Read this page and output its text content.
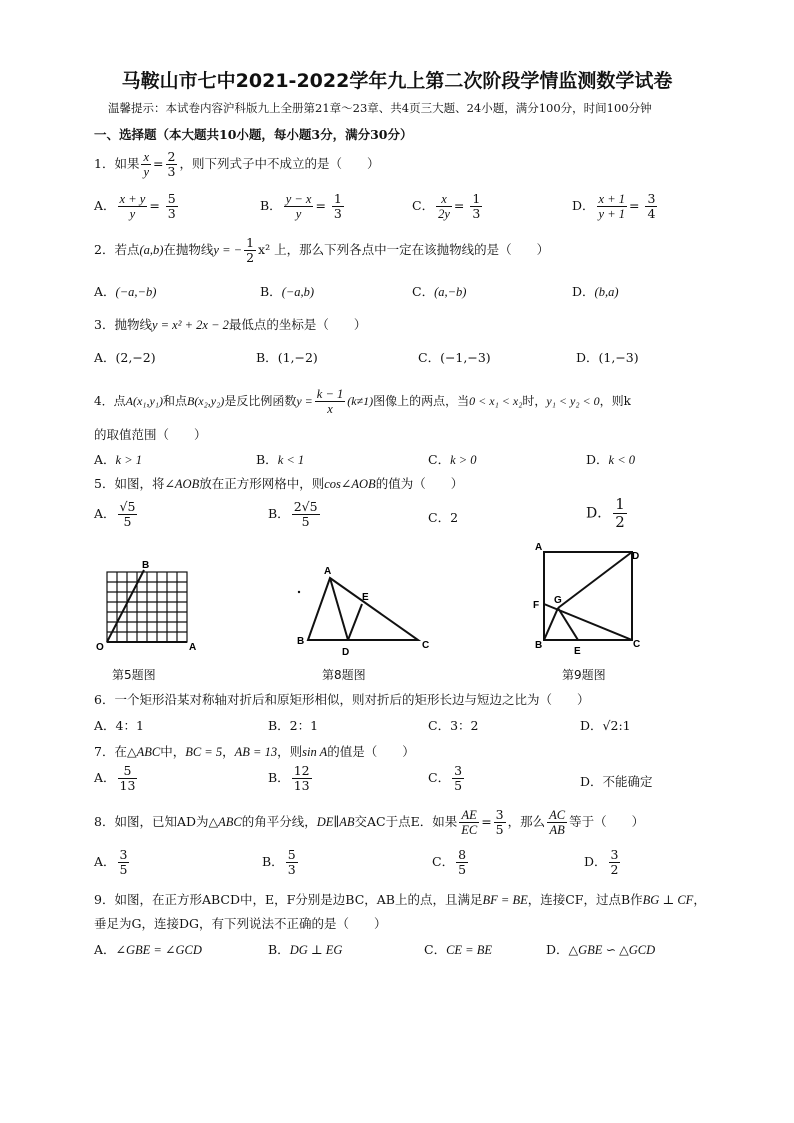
马鞍山市七中2021-2022学年九上第二次阶段学情监测数学试卷
温馨提示：本试卷内容沪科版九上全册第21章～23章、共4页三大题、24小题，满分100分，时间100分钟
一、选择题（本大题共10小题，每小题3分，满分30分）
1．如果 $\frac{x}{y} = \frac{2}{3}$ ，则下列式子中不成立的是（　　）
A． $\frac{x + y}{y} = \frac{5}{3}$	B． $\frac{y - x}{y} = \frac{1}{3}$	C． $\frac{x}{2y} = \frac{1}{3}$	D． $\frac{x + 1}{y + 1} = \frac{3}{4}$
2．若点(a,b)在抛物线y = − $\frac{1}{2} x^2$ 上，那么下列各点中一定在该抛物线的是（　　）
A．(−a,−b)	B．(−a,b)	C．(a,−b)	D．(b,a)
3．抛物线y = x² + 2x − 2最低点的坐标是（　　）
A．(2,−2)	B．(1,−2)	C．(−1,−3)	D．(1,−3)
4．点A(x₁,y₁)和点B(x₂,y₂)是反比例函数$y = \frac{k - 1}{x} (k\ne 1)$图像上的两点，当0 < x₁ < x₂时，y₁ < y₂ < 0，则k
的取值范围（　　）
A．k > 1	B．k < 1	C．k > 0	D．k < 0
5．如图，将∠AOB放在正方形网格中，则cos∠AOB的值为（　　）
A． $\frac{√5}{5}$	B． $\frac{2√5}{5}$	C．2	D． $\frac{1}{2}$
B
O	A
第5题图
A
E
B
D
C
第8题图
A
D
F G
B
E
C
第9题图
6．一个矩形沿某对称轴对折后和原矩形相似，则对折后的矩形长边与短边之比为（　　）
A．4：1	B．2：1	C．3：2	D．√2:1
7．在△ABC中，BC = 5，AB = 13，则sin A的值是（　　）
A． $\frac{5}{13}$	B． $\frac{12}{13}$	C． $\frac{3}{5}$	D．不能确定
8．如图，已知AD为△ABC的角平分线，DE∥AB交AC于点E．如果 $\frac{AE}{EC} = \frac{3}{5}$ ，那么 $\frac{AC}{AB}$ 等于（　　）
A． $\frac{3}{5}$	B． $\frac{5}{3}$	C． $\frac{8}{5}$	D． $\frac{3}{2}$
9．如图，在正方形ABCD中，E，F分别是边BC，AB上的点，且满足BF = BE，连接CF，过点B作BG ⊥ CF，
垂足为G，连接DG，有下列说法不正确的是（　　）
A．∠GBE = ∠GCD	B．DG ⊥ EG	C．CE = BE	D．△GBE ∽ △GCD
